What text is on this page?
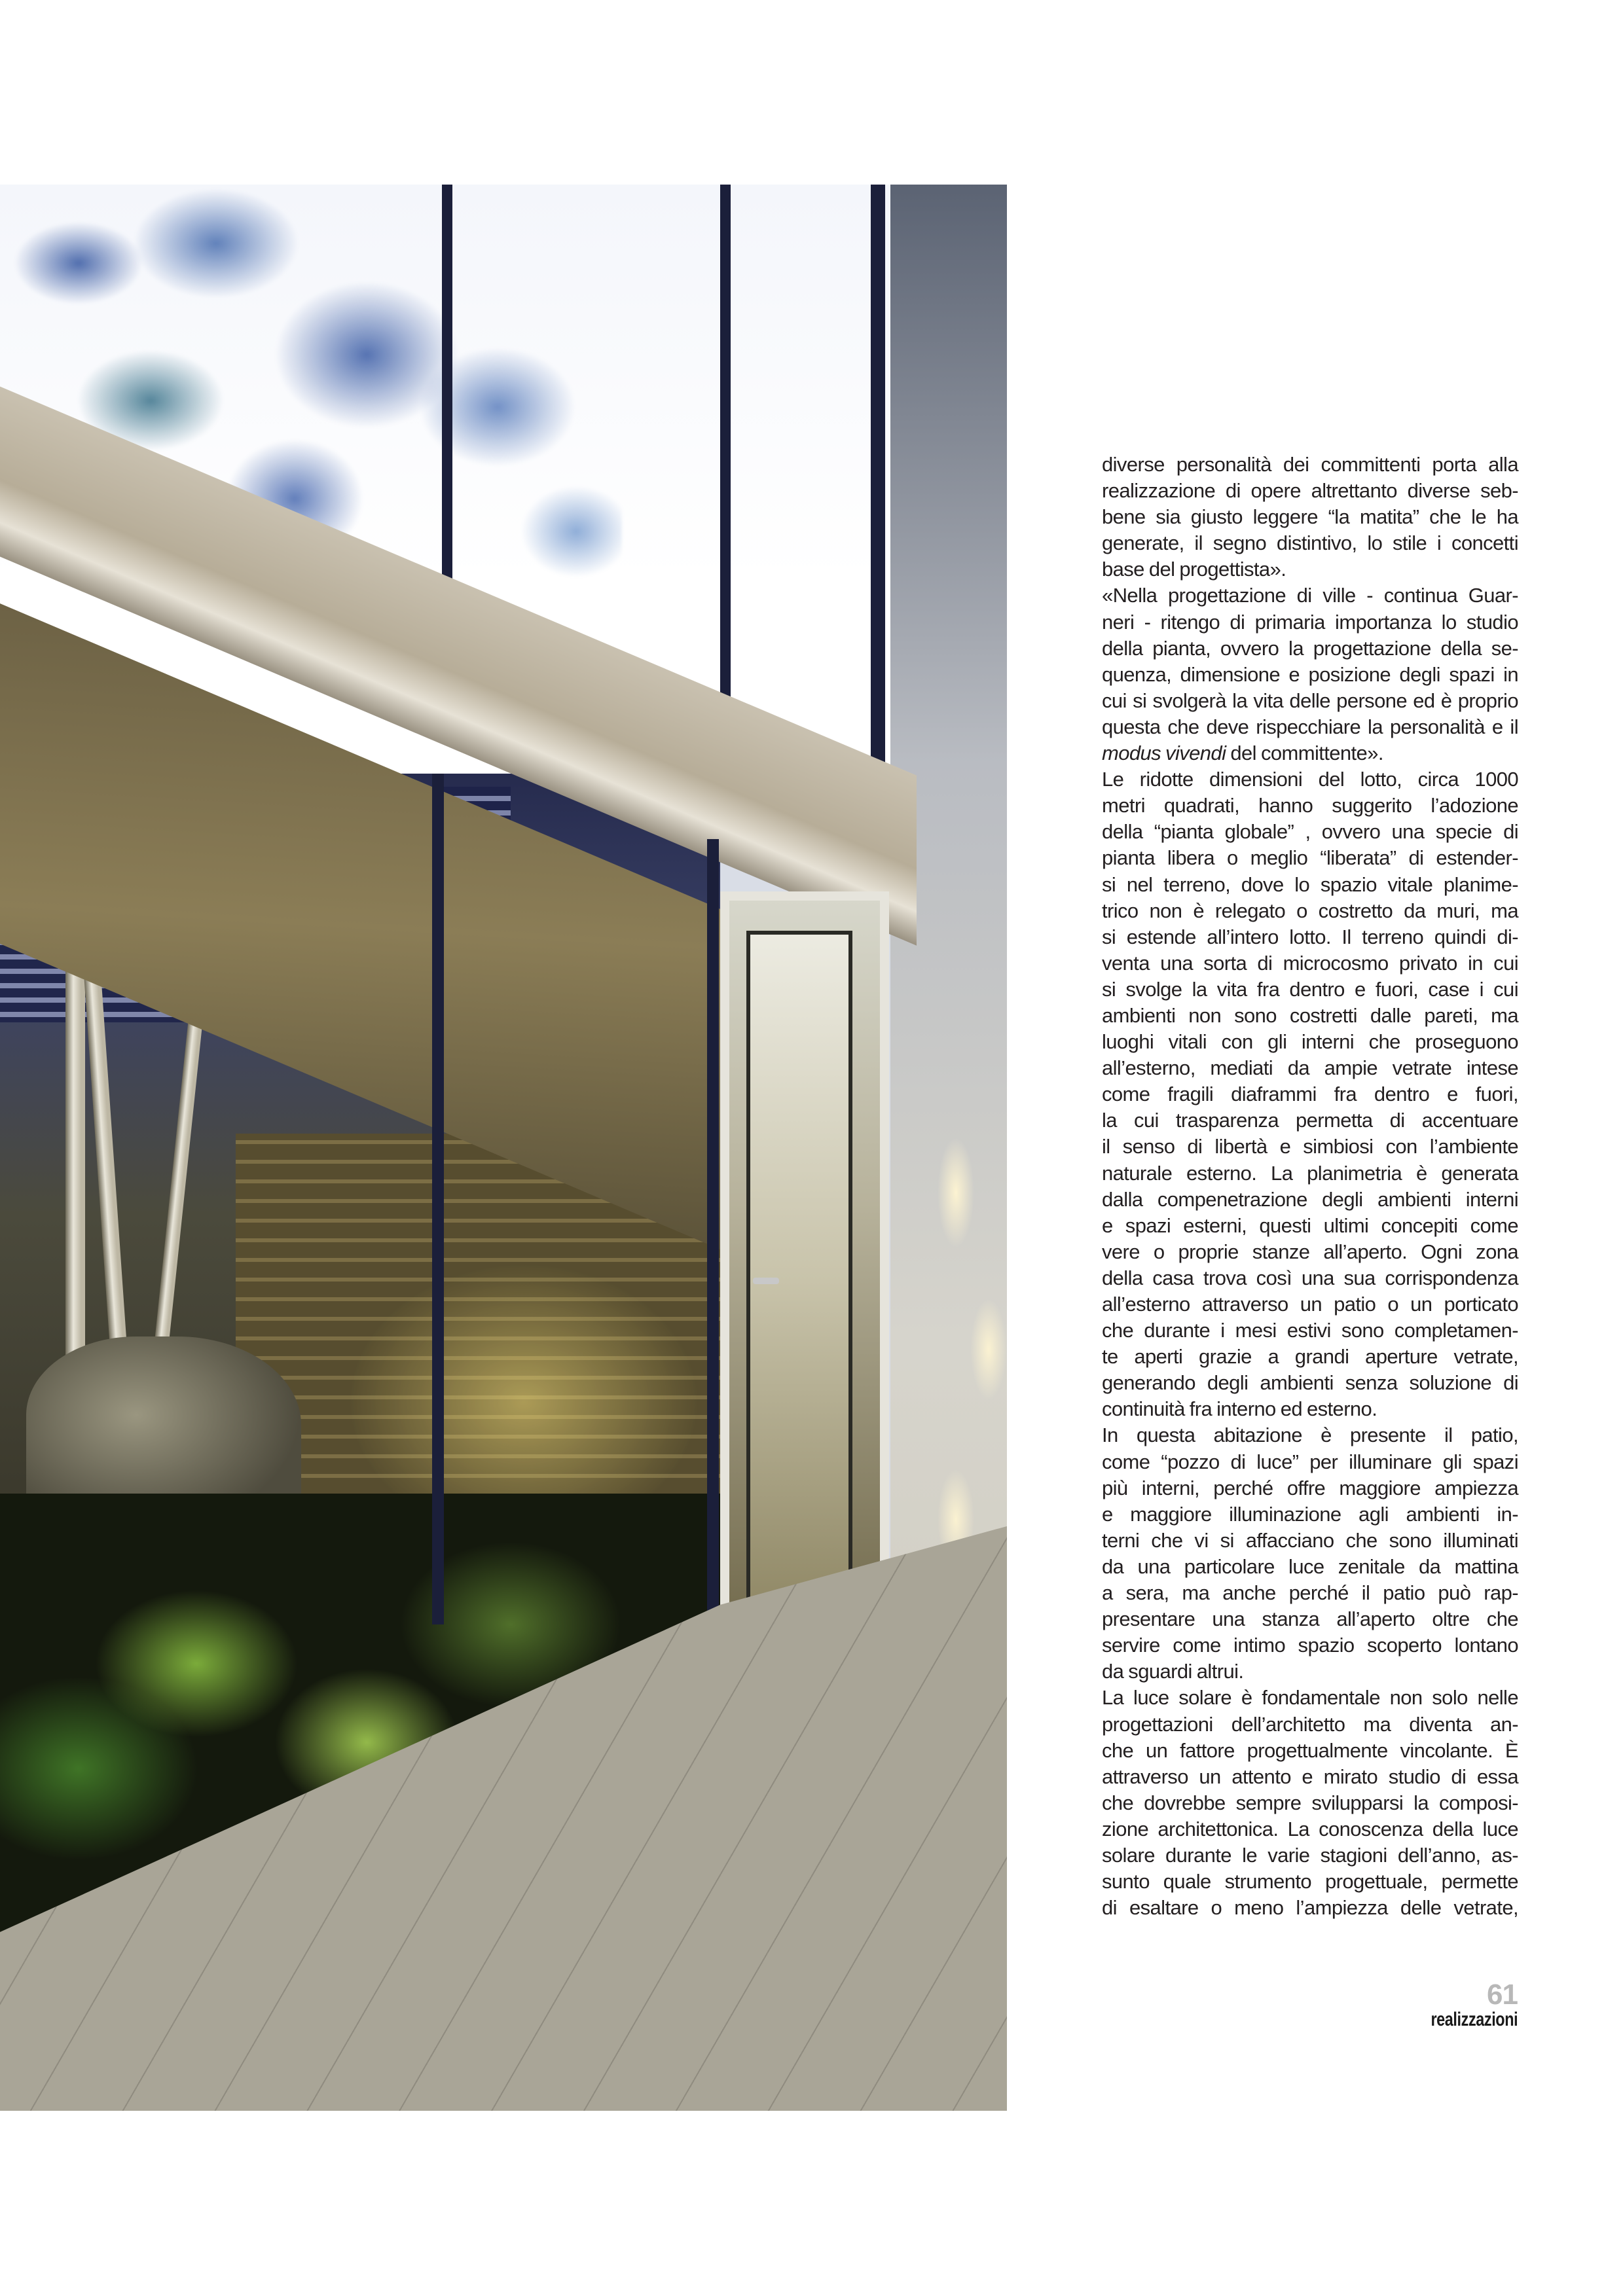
diverse personalità dei committenti porta alla
realizzazione di opere altrettanto diverse seb-
bene sia giusto leggere “la matita” che le ha
generate, il segno distintivo, lo stile i concetti
base del progettista».

«Nella progettazione di ville - continua Guar-
neri - ritengo di primaria importanza lo studio
della pianta, ovvero la progettazione della se-
quenza, dimensione e posizione degli spazi in
cui si svolgerà la vita delle persone ed è proprio
questa che deve rispecchiare la personalità e il
modus vivendi del committente».

Le ridotte dimensioni del lotto, circa 1000
metri quadrati, hanno suggerito l’adozione
della “pianta globale” , ovvero una specie di
pianta libera o meglio “liberata” di estender-
si nel terreno, dove lo spazio vitale planime-
trico non è relegato o costretto da muri, ma
si estende all’intero lotto. Il terreno quindi di-
venta una sorta di microcosmo privato in cui
si svolge la vita fra dentro e fuori, case i cui
ambienti non sono costretti dalle pareti, ma
luoghi vitali con gli interni che proseguono
all’esterno, mediati da ampie vetrate intese
come fragili diaframmi fra dentro e fuori,
la cui trasparenza permetta di accentuare
il senso di libertà e simbiosi con l’ambiente
naturale esterno. La planimetria è generata
dalla compenetrazione degli ambienti interni
e spazi esterni, questi ultimi concepiti come
vere o proprie stanze all’aperto. Ogni zona
della casa trova così una sua corrispondenza
all’esterno attraverso un patio o un porticato
che durante i mesi estivi sono completamen-
te aperti grazie a grandi aperture vetrate,
generando degli ambienti senza soluzione di
continuità fra interno ed esterno.

In questa abitazione è presente il patio,
come “pozzo di luce” per illuminare gli spazi
più interni, perché offre maggiore ampiezza
e maggiore illuminazione agli ambienti in-
terni che vi si affacciano che sono illuminati
da una particolare luce zenitale da mattina
a sera, ma anche perché il patio può rap-
presentare una stanza all’aperto oltre che
servire come intimo spazio scoperto lontano
da sguardi altrui.

La luce solare è fondamentale non solo nelle
progettazioni dell’architetto ma diventa an-
che un fattore progettualmente vincolante. È
attraverso un attento e mirato studio di essa
che dovrebbe sempre svilupparsi la composi-
zione architettonica. La conoscenza della luce
solare durante le varie stagioni dell’anno, as-
sunto quale strumento progettuale, permette
di esaltare o meno l’ampiezza delle vetrate,

61
realizzazioni
